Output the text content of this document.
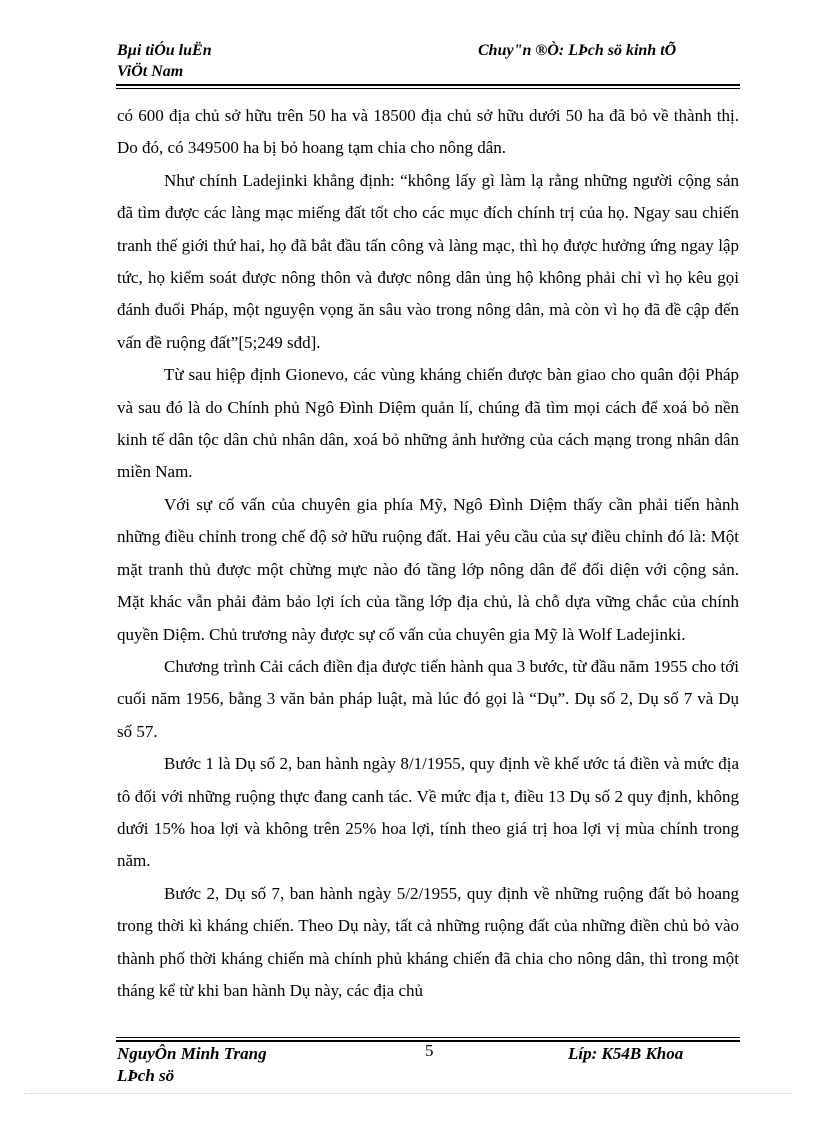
Bµi tiÓu luËn
ViÖt Nam
Chuy"n ®Ò: LÞch sö kinh tÕ

có 600 địa chủ sở hữu trên 50 ha và 18500 địa chủ sở hữu dưới 50 ha đã bỏ về thành thị. Do đó, có 349500 ha bị bỏ hoang tạm chia cho nông dân.

Như chính Ladejinki khẳng định: “không lấy gì làm lạ rằng những người cộng sản đã tìm được các làng mạc miếng đất tốt cho các mục đích chính trị của họ. Ngay sau chiến tranh thế giới thứ hai, họ đã bắt đầu tấn công và làng mạc, thì họ được hưởng ứng ngay lập tức, họ kiểm soát được nông thôn và được nông dân ủng hộ không phải chỉ vì họ kêu gọi đánh đuổi Pháp, một nguyện vọng ăn sâu vào trong nông dân, mà còn vì họ đã đề cập đến vấn đề ruộng đất”[5;249 sđd].

Từ sau hiệp định Gionevo, các vùng kháng chiến được bàn giao cho quân đội Pháp và sau đó là do Chính phủ Ngô Đình Diệm quản lí, chúng đã tìm mọi cách để xoá bỏ nền kinh tế dân tộc dân chủ nhân dân, xoá bỏ những ảnh hưởng của cách mạng trong nhân dân miền Nam.

Với sự cố vấn của chuyên gia phía Mỹ, Ngô Đình Diệm thấy cần phải tiến hành những điều chỉnh trong chế độ sở hữu ruộng đất. Hai yêu cầu của sự điều chỉnh đó là: Một mặt tranh thủ được một chừng mực nào đó tầng lớp nông dân để đối diện với cộng sản. Mặt khác vẫn phải đảm bảo lợi ích của tầng lớp địa chủ, là chỗ dựa vững chắc của chính quyền Diệm. Chủ trương này được sự cố vấn của chuyên gia Mỹ là Wolf Ladejinki.

Chương trình Cải cách điền địa được tiến hành qua 3 bước, từ đầu năm 1955 cho tới cuối năm 1956, bằng 3 văn bản pháp luật, mà lúc đó gọi là “Dụ”. Dụ số 2, Dụ số 7 và Dụ số 57.

Bước 1 là Dụ số 2, ban hành ngày 8/1/1955, quy định về khế ước tá điền và mức địa tô đối với những ruộng thực đang canh tác. Về mức địa t, điều 13 Dụ số 2 quy định, không dưới 15% hoa lợi và không trên 25% hoa lợi, tính theo giá trị hoa lợi vị mùa chính trong năm.

Bước 2, Dụ số 7, ban hành ngày 5/2/1955, quy định về những ruộng đất bỏ hoang trong thời kì kháng chiến. Theo Dụ này, tất cả những ruộng đất của những điền chủ bỏ vào thành phố thời kháng chiến mà chính phủ kháng chiến đã chia cho nông dân, thì trong một tháng kể từ khi ban hành Dụ này, các địa chủ

NguyÔn Minh Trang
LÞch sö
5	Líp: K54B Khoa
